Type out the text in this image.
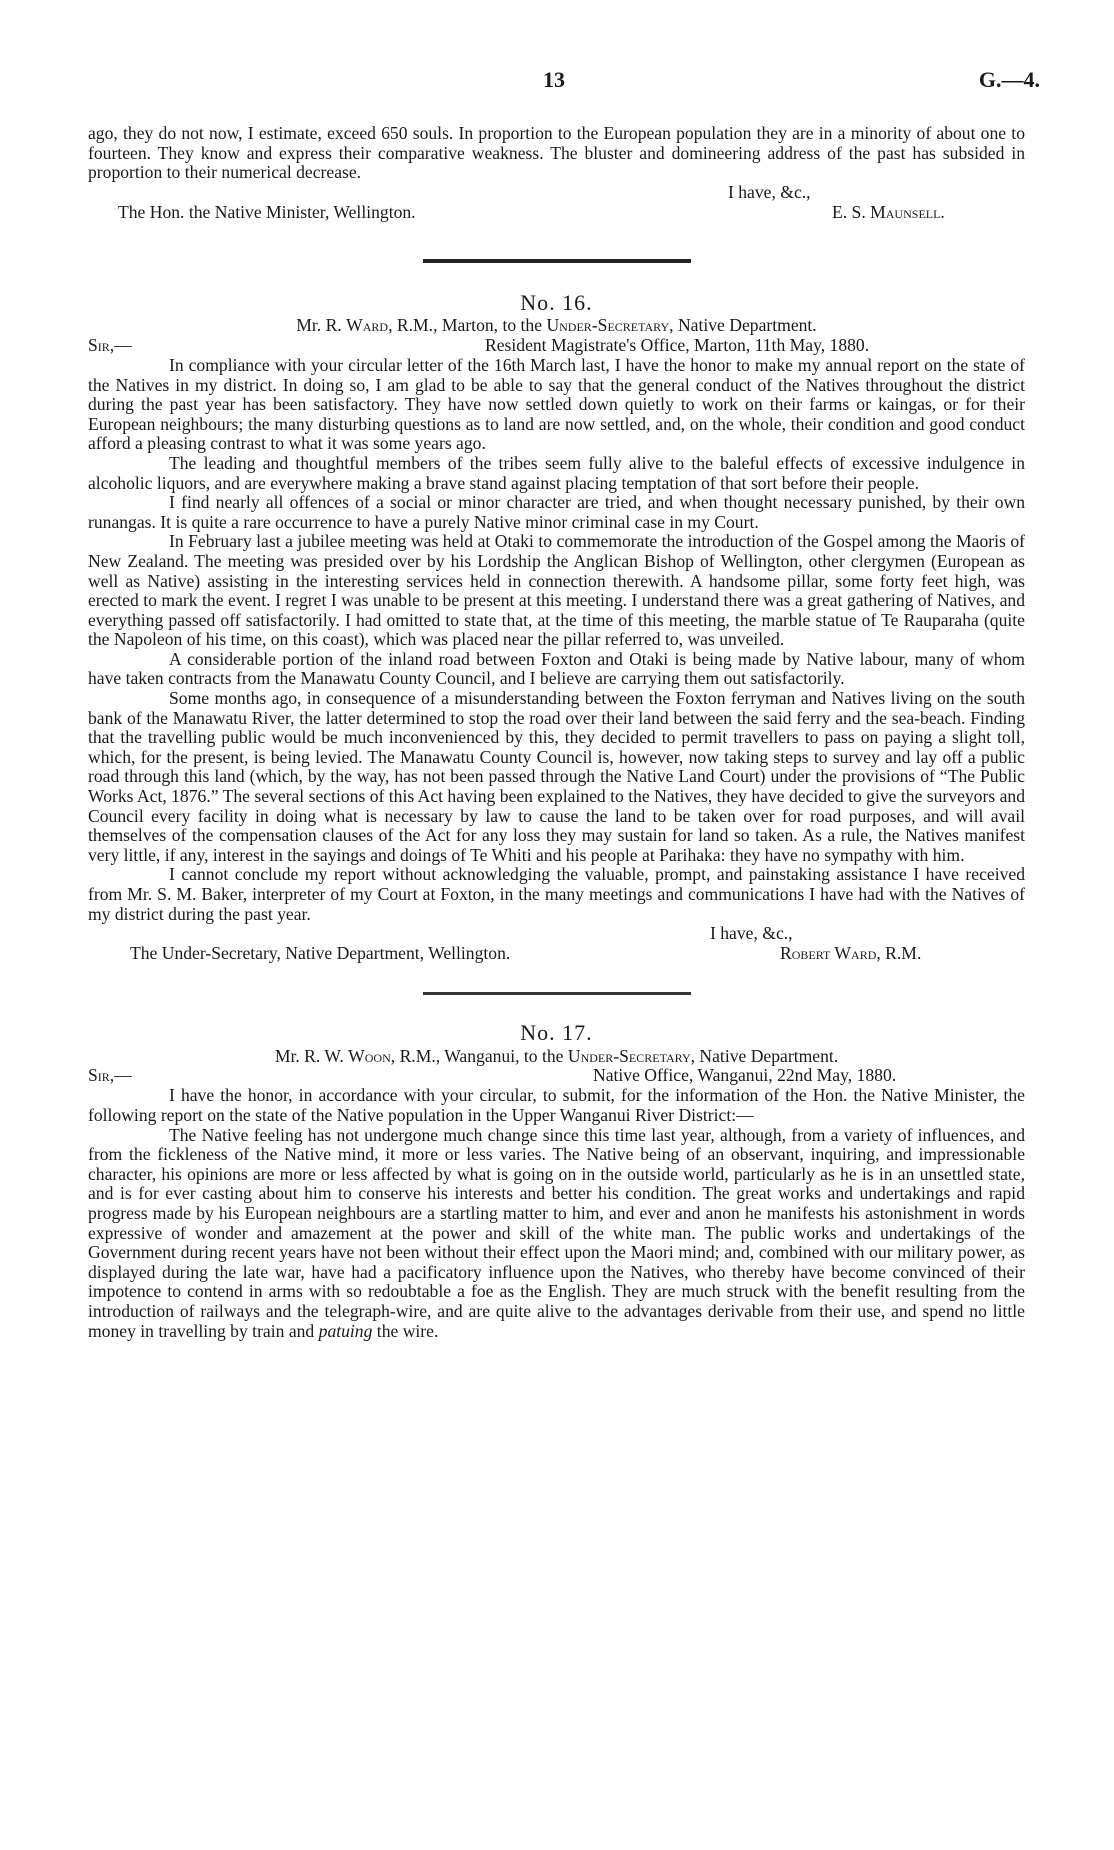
13	G.—4.

ago, they do not now, I estimate, exceed 650 souls. In proportion to the European population they are in a minority of about one to fourteen. They know and express their comparative weakness. The bluster and domineering address of the past has subsided in proportion to their numerical decrease.

I have, &c.,
The Hon. the Native Minister, Wellington.	E. S. Maunsell.

No. 16.

Mr. R. Ward, R.M., Marton, to the Under-Secretary, Native Department.

Sir,—	Resident Magistrate's Office, Marton, 11th May, 1880.

In compliance with your circular letter of the 16th March last, I have the honor to make my annual report on the state of the Natives in my district. In doing so, I am glad to be able to say that the general conduct of the Natives throughout the district during the past year has been satisfactory. They have now settled down quietly to work on their farms or kaingas, or for their European neighbours; the many disturbing questions as to land are now settled, and, on the whole, their condition and good conduct afford a pleasing contrast to what it was some years ago.

The leading and thoughtful members of the tribes seem fully alive to the baleful effects of excessive indulgence in alcoholic liquors, and are everywhere making a brave stand against placing temptation of that sort before their people.

I find nearly all offences of a social or minor character are tried, and when thought necessary punished, by their own runangas. It is quite a rare occurrence to have a purely Native minor criminal case in my Court.

In February last a jubilee meeting was held at Otaki to commemorate the introduction of the Gospel among the Maoris of New Zealand. The meeting was presided over by his Lordship the Anglican Bishop of Wellington, other clergymen (European as well as Native) assisting in the interesting services held in connection therewith. A handsome pillar, some forty feet high, was erected to mark the event. I regret I was unable to be present at this meeting. I understand there was a great gathering of Natives, and everything passed off satisfactorily. I had omitted to state that, at the time of this meeting, the marble statue of Te Rauparaha (quite the Napoleon of his time, on this coast), which was placed near the pillar referred to, was unveiled.

A considerable portion of the inland road between Foxton and Otaki is being made by Native labour, many of whom have taken contracts from the Manawatu County Council, and I believe are carrying them out satisfactorily.

Some months ago, in consequence of a misunderstanding between the Foxton ferryman and Natives living on the south bank of the Manawatu River, the latter determined to stop the road over their land between the said ferry and the sea-beach. Finding that the travelling public would be much inconvenienced by this, they decided to permit travellers to pass on paying a slight toll, which, for the present, is being levied. The Manawatu County Council is, however, now taking steps to survey and lay off a public road through this land (which, by the way, has not been passed through the Native Land Court) under the provisions of “The Public Works Act, 1876.” The several sections of this Act having been explained to the Natives, they have decided to give the surveyors and Council every facility in doing what is necessary by law to cause the land to be taken over for road purposes, and will avail themselves of the compensation clauses of the Act for any loss they may sustain for land so taken. As a rule, the Natives manifest very little, if any, interest in the sayings and doings of Te Whiti and his people at Parihaka: they have no sympathy with him.

I cannot conclude my report without acknowledging the valuable, prompt, and painstaking assistance I have received from Mr. S. M. Baker, interpreter of my Court at Foxton, in the many meetings and communications I have had with the Natives of my district during the past year.

I have, &c.,
The Under-Secretary, Native Department, Wellington.	Robert Ward, R.M.

No. 17.

Mr. R. W. Woon, R.M., Wanganui, to the Under-Secretary, Native Department.

Sir,—	Native Office, Wanganui, 22nd May, 1880.

I have the honor, in accordance with your circular, to submit, for the information of the Hon. the Native Minister, the following report on the state of the Native population in the Upper Wanganui River District:—

The Native feeling has not undergone much change since this time last year, although, from a variety of influences, and from the fickleness of the Native mind, it more or less varies. The Native being of an observant, inquiring, and impressionable character, his opinions are more or less affected by what is going on in the outside world, particularly as he is in an unsettled state, and is for ever casting about him to conserve his interests and better his condition. The great works and undertakings and rapid progress made by his European neighbours are a startling matter to him, and ever and anon he manifests his astonishment in words expressive of wonder and amazement at the power and skill of the white man. The public works and undertakings of the Government during recent years have not been without their effect upon the Maori mind; and, combined with our military power, as displayed during the late war, have had a pacificatory influence upon the Natives, who thereby have become convinced of their impotence to contend in arms with so redoubtable a foe as the English. They are much struck with the benefit resulting from the introduction of railways and the telegraph-wire, and are quite alive to the advantages derivable from their use, and spend no little money in travelling by train and patuing the wire.
